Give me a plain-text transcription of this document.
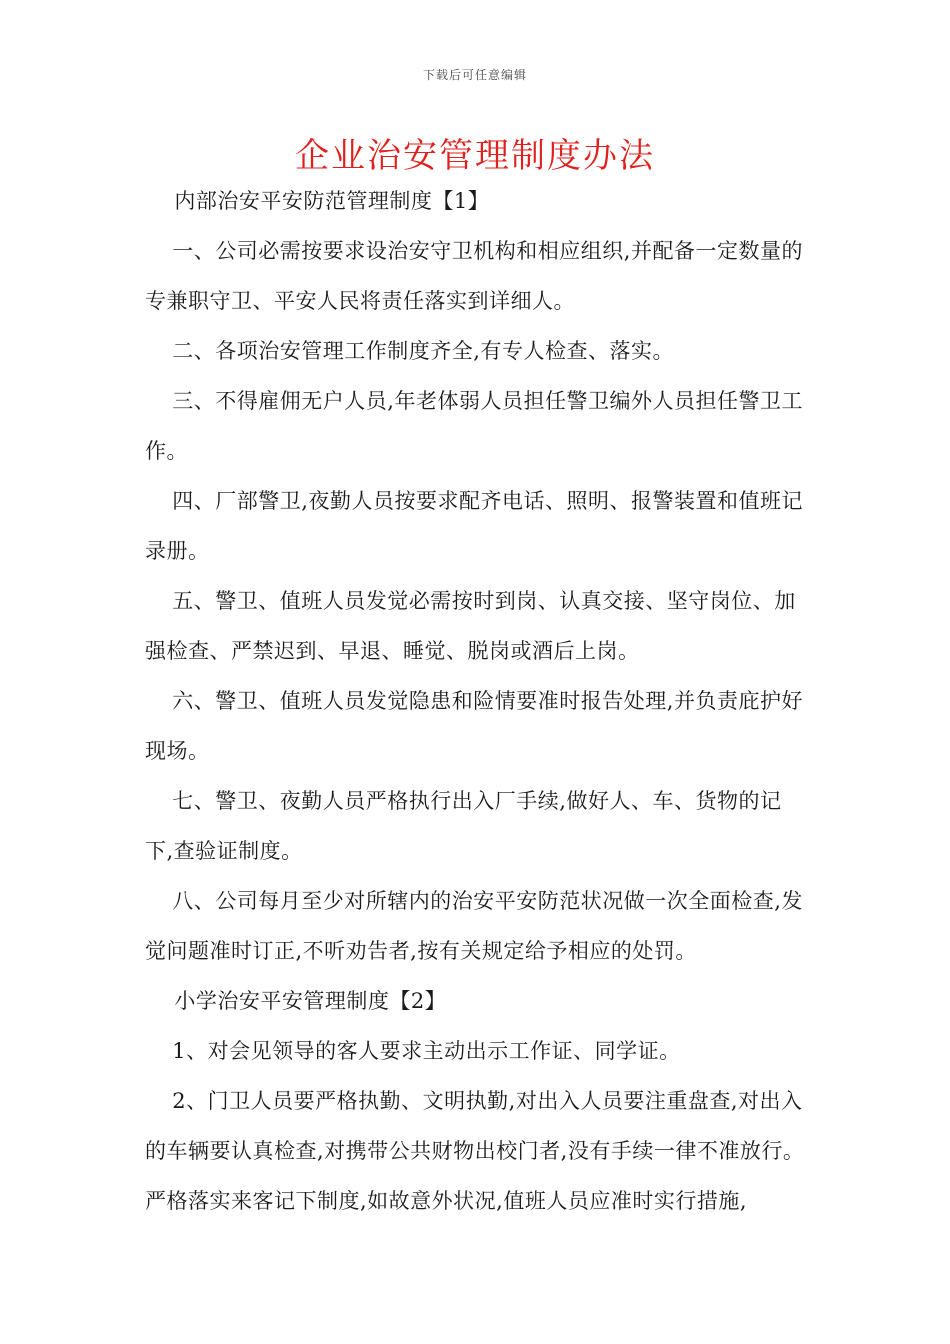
下载后可任意编辑
企业治安管理制度办法

内部治安平安防范管理制度【1】

一、公司必需按要求设治安守卫机构和相应组织,并配备一定数量的专兼职守卫、平安人民将责任落实到详细人。

二、各项治安管理工作制度齐全,有专人检查、落实。

三、不得雇佣无户人员,年老体弱人员担任警卫编外人员担任警卫工作。

四、厂部警卫,夜勤人员按要求配齐电话、照明、报警装置和值班记录册。

五、警卫、值班人员发觉必需按时到岗、认真交接、坚守岗位、加强检查、严禁迟到、早退、睡觉、脱岗或酒后上岗。

六、警卫、值班人员发觉隐患和险情要准时报告处理,并负责庇护好现场。

七、警卫、夜勤人员严格执行出入厂手续,做好人、车、货物的记下,查验证制度。

八、公司每月至少对所辖内的治安平安防范状况做一次全面检查,发觉问题准时订正,不听劝告者,按有关规定给予相应的处罚。

小学治安平安管理制度【2】

1、对会见领导的客人要求主动出示工作证、同学证。

2、门卫人员要严格执勤、文明执勤,对出入人员要注重盘查,对出入的车辆要认真检查,对携带公共财物出校门者,没有手续一律不准放行。严格落实来客记下制度,如故意外状况,值班人员应准时实行措施,
